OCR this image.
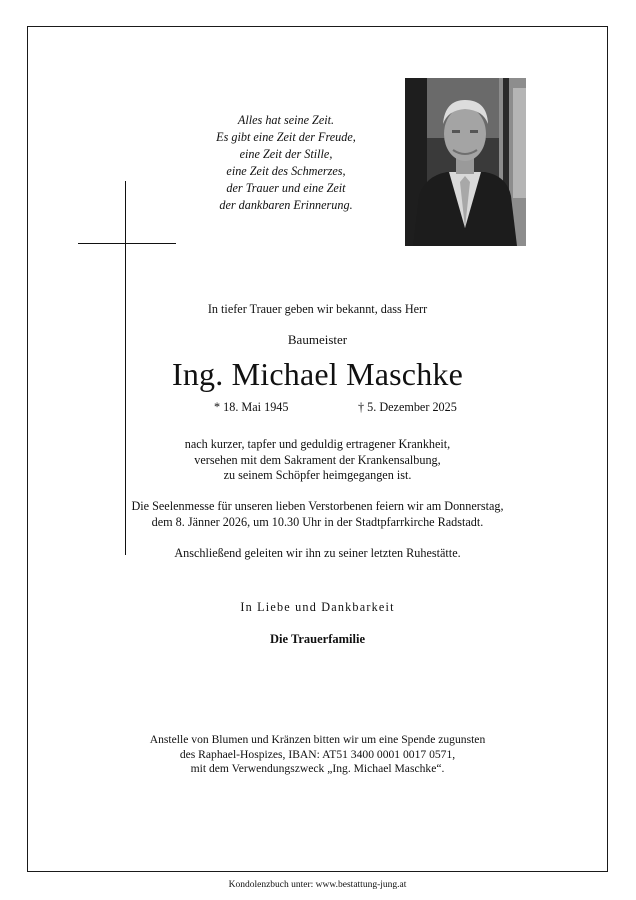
Alles hat seine Zeit.
Es gibt eine Zeit der Freude,
eine Zeit der Stille,
eine Zeit des Schmerzes,
der Trauer und eine Zeit
der dankbaren Erinnerung.
In tiefer Trauer geben wir bekannt, dass Herr
Baumeister
Ing. Michael Maschke
* 18. Mai 1945	† 5. Dezember 2025
nach kurzer, tapfer und geduldig ertragener Krankheit,
versehen mit dem Sakrament der Krankensalbung,
zu seinem Schöpfer heimgegangen ist.
Die Seelenmesse für unseren lieben Verstorbenen feiern wir am Donnerstag,
dem 8. Jänner 2026, um 10.30 Uhr in der Stadtpfarrkirche Radstadt.
Anschließend geleiten wir ihn zu seiner letzten Ruhestätte.
In Liebe und Dankbarkeit
Die Trauerfamilie
Anstelle von Blumen und Kränzen bitten wir um eine Spende zugunsten
des Raphael-Hospizes, IBAN: AT51 3400 0001 0017 0571,
mit dem Verwendungszweck „Ing. Michael Maschke“.
Kondolenzbuch unter: www.bestattung-jung.at
